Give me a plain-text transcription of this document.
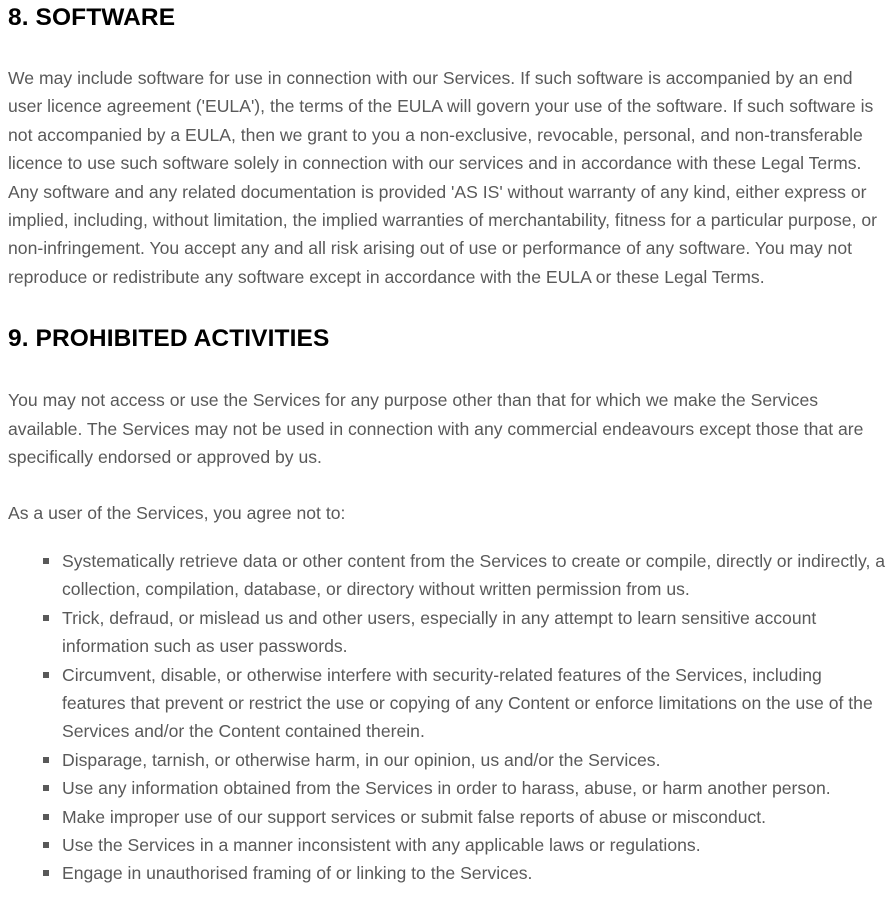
8. SOFTWARE

We may include software for use in connection with our Services. If such software is accompanied by an end user licence agreement ('EULA'), the terms of the EULA will govern your use of the software. If such software is not accompanied by a EULA, then we grant to you a non-exclusive, revocable, personal, and non-transferable licence to use such software solely in connection with our services and in accordance with these Legal Terms. Any software and any related documentation is provided 'AS IS' without warranty of any kind, either express or implied, including, without limitation, the implied warranties of merchantability, fitness for a particular purpose, or non-infringement. You accept any and all risk arising out of use or performance of any software. You may not reproduce or redistribute any software except in accordance with the EULA or these Legal Terms.

9. PROHIBITED ACTIVITIES

You may not access or use the Services for any purpose other than that for which we make the Services available. The Services may not be used in connection with any commercial endeavours except those that are specifically endorsed or approved by us.

As a user of the Services, you agree not to:

Systematically retrieve data or other content from the Services to create or compile, directly or indirectly, a collection, compilation, database, or directory without written permission from us.
Trick, defraud, or mislead us and other users, especially in any attempt to learn sensitive account information such as user passwords.
Circumvent, disable, or otherwise interfere with security-related features of the Services, including features that prevent or restrict the use or copying of any Content or enforce limitations on the use of the Services and/or the Content contained therein.
Disparage, tarnish, or otherwise harm, in our opinion, us and/or the Services.
Use any information obtained from the Services in order to harass, abuse, or harm another person.
Make improper use of our support services or submit false reports of abuse or misconduct.
Use the Services in a manner inconsistent with any applicable laws or regulations.
Engage in unauthorised framing of or linking to the Services.
